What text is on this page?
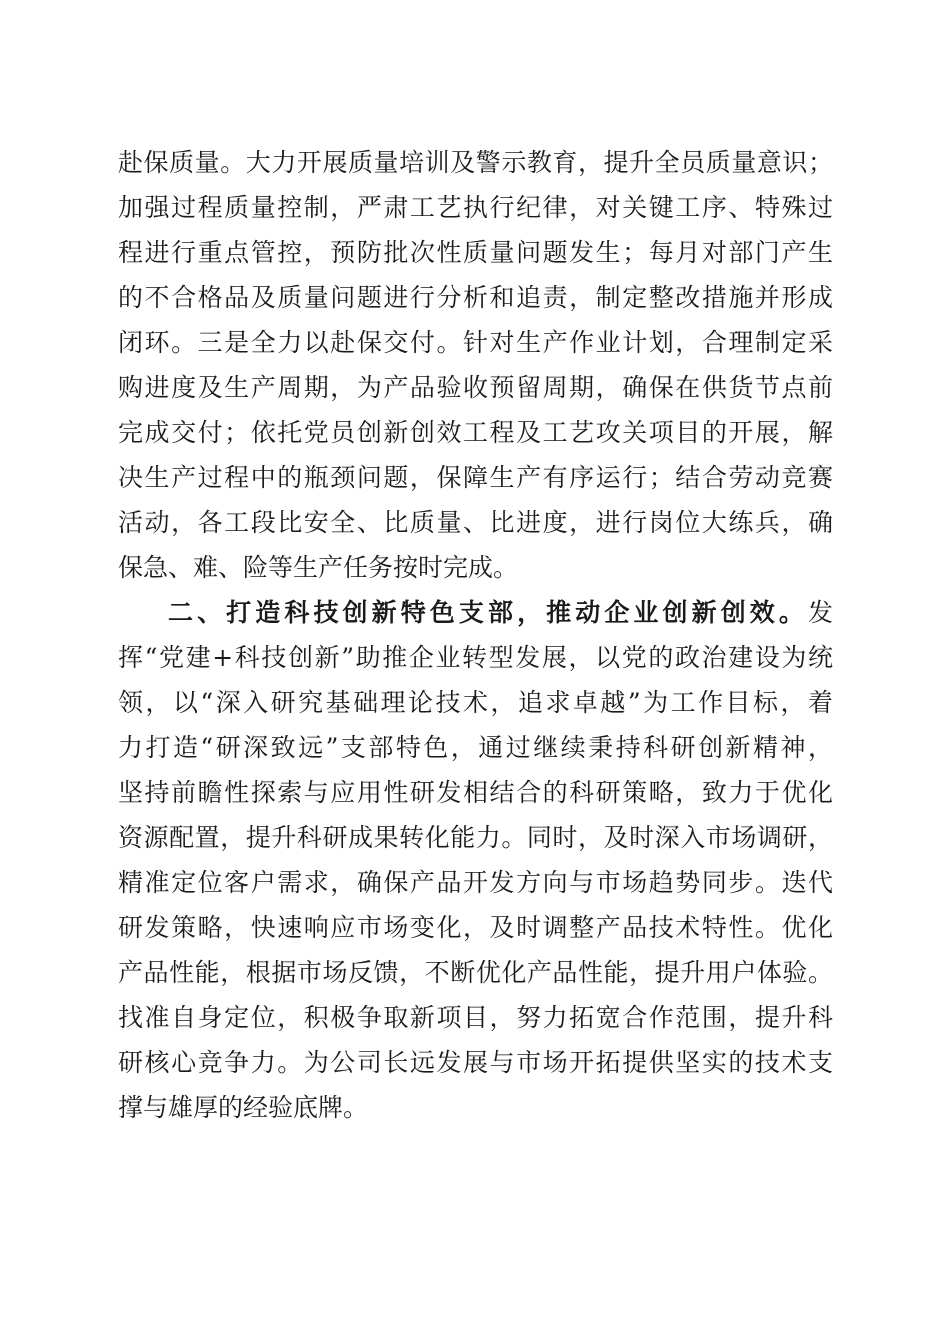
赴保质量。大力开展质量培训及警示教育，提升全员质量意识；
加强过程质量控制，严肃工艺执行纪律，对关键工序、特殊过
程进行重点管控，预防批次性质量问题发生；每月对部门产生
的不合格品及质量问题进行分析和追责，制定整改措施并形成
闭环。三是全力以赴保交付。针对生产作业计划，合理制定采
购进度及生产周期，为产品验收预留周期，确保在供货节点前
完成交付；依托党员创新创效工程及工艺攻关项目的开展，解
决生产过程中的瓶颈问题，保障生产有序运行；结合劳动竞赛
活动，各工段比安全、比质量、比进度，进行岗位大练兵，确
保急、难、险等生产任务按时完成。
二、打造科技创新特色支部，推动企业创新创效。发
挥“党建+科技创新”助推企业转型发展，以党的政治建设为统
领，以“深入研究基础理论技术，追求卓越”为工作目标，着
力打造“研深致远”支部特色，通过继续秉持科研创新精神，
坚持前瞻性探索与应用性研发相结合的科研策略，致力于优化
资源配置，提升科研成果转化能力。同时，及时深入市场调研，
精准定位客户需求，确保产品开发方向与市场趋势同步。迭代
研发策略，快速响应市场变化，及时调整产品技术特性。优化
产品性能，根据市场反馈，不断优化产品性能，提升用户体验。
找准自身定位，积极争取新项目，努力拓宽合作范围，提升科
研核心竞争力。为公司长远发展与市场开拓提供坚实的技术支
撑与雄厚的经验底牌。
